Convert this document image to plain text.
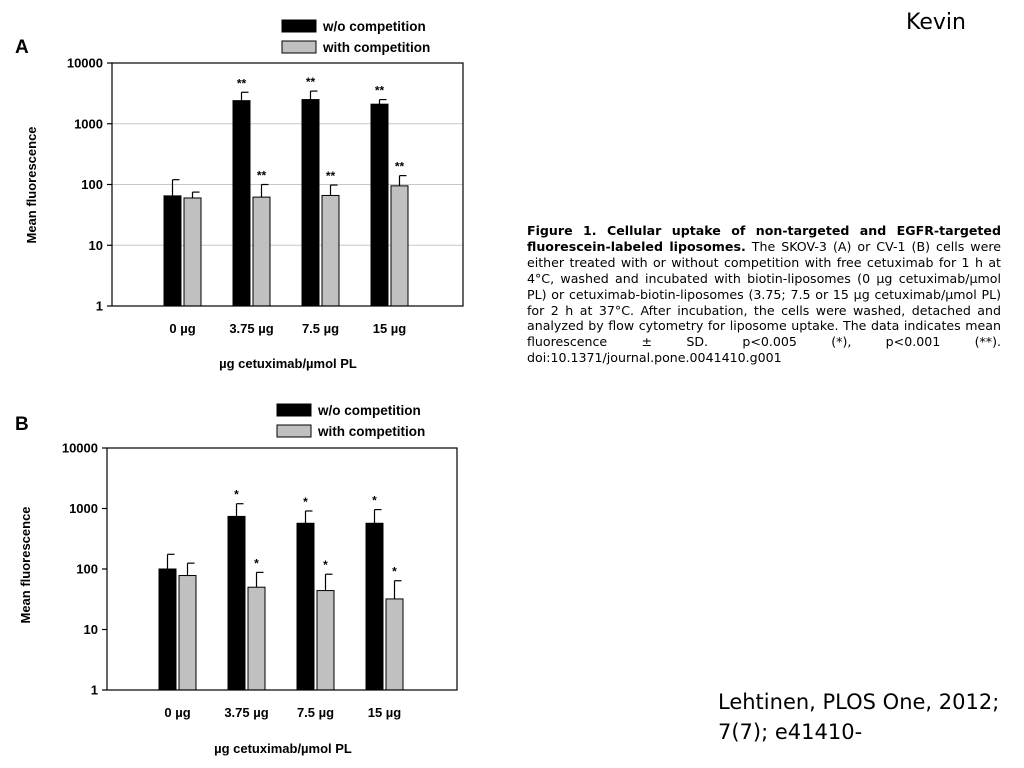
Kevin
A
w/o competition
with competition
Mean fluorescence
µg cetuximab/µmol PL
1
10
100
1000
10000
0 µg
**
**
3.75 µg
**
**
7.5 µg
**
**
15 µg
B
w/o competition
with competition
Mean fluorescence
µg cetuximab/µmol PL
1
10
100
1000
10000
0 µg
*
*
3.75 µg
*
*
7.5 µg
*
*
15 µg
Figure 1. Cellular uptake of non-targeted and EGFR-targeted fluorescein-labeled liposomes. The SKOV-3 (A) or CV-1 (B) cells were either treated with or without competition with free cetuximab for 1 h at 4°C, washed and incubated with biotin-liposomes (0 µg cetuximab/µmol PL) or cetuximab-biotin-liposomes (3.75; 7.5 or 15 µg cetuximab/µmol PL) for 2 h at 37°C. After incubation, the cells were washed, detached and analyzed by flow cytometry for liposome uptake. The data indicates mean fluorescence ± SD. p<0.005 (*), p<0.001 (**). doi:10.1371/journal.pone.0041410.g001
Lehtinen, PLOS One, 2012; 7(7); e41410-
